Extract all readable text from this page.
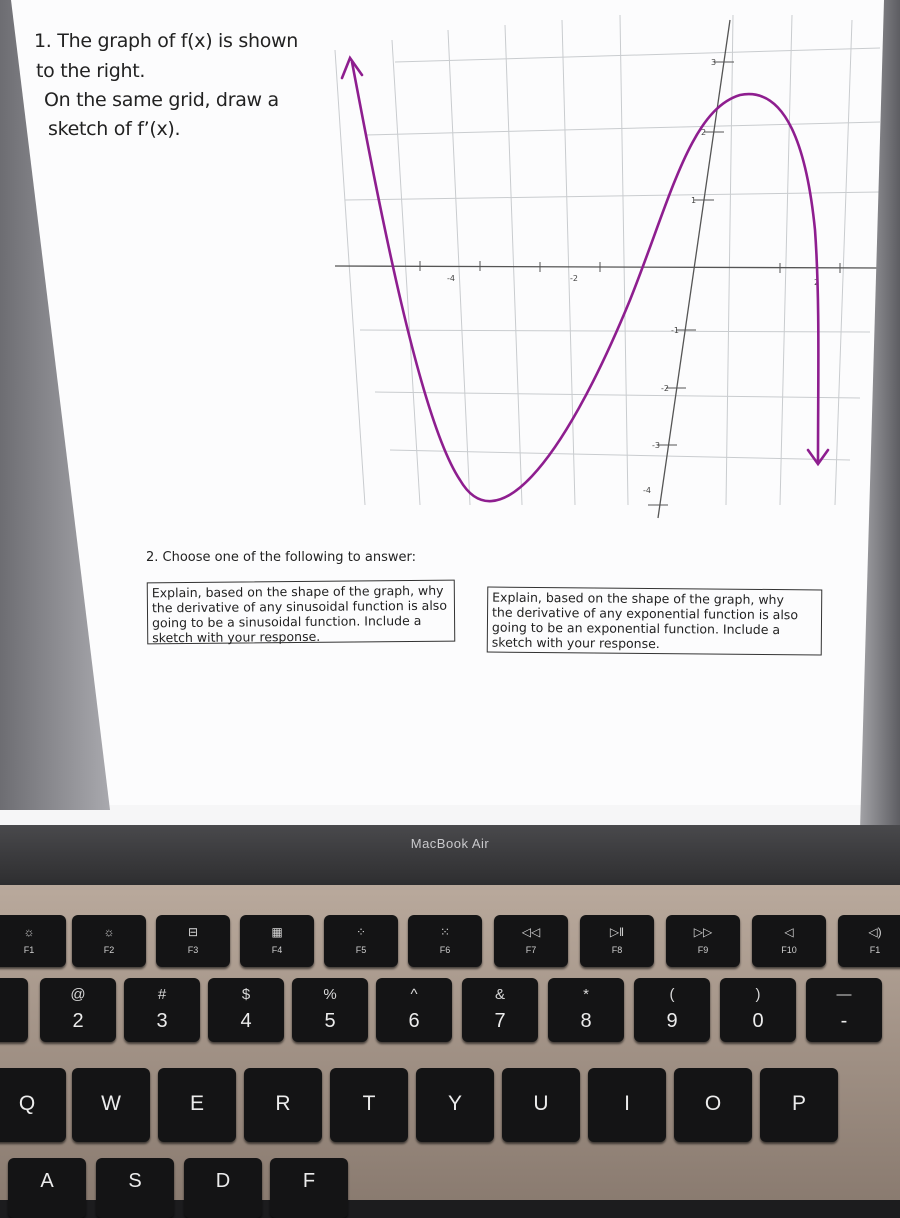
1. The graph of f(x) is shown
to the right.
On the same grid, draw a
sketch of f’(x).
-4	-2	2
3
2
1
-1
-2
-3
-4
2. Choose one of the following to answer:
Explain, based on the shape of the graph, why
the derivative of any sinusoidal function is also
going to be a sinusoidal function. Include a
sketch with your response.
Explain, based on the shape of the graph, why
the derivative of any exponential function is also
going to be an exponential function. Include a
sketch with your response.
MacBook Air
☼
F1
☼
F2
⊟
F3
▦
F4
⁘
F5
⁙
F6
◁◁
F7
▷‖
F8
▷▷
F9
◁
F10
◁)
F1
@
2
#
3
$
4
%
5
^
6
&
7
*
8
(
9
)
0
—
-
Q	W	E	R	T	Y	U	I	O	P
A	S	D	F
